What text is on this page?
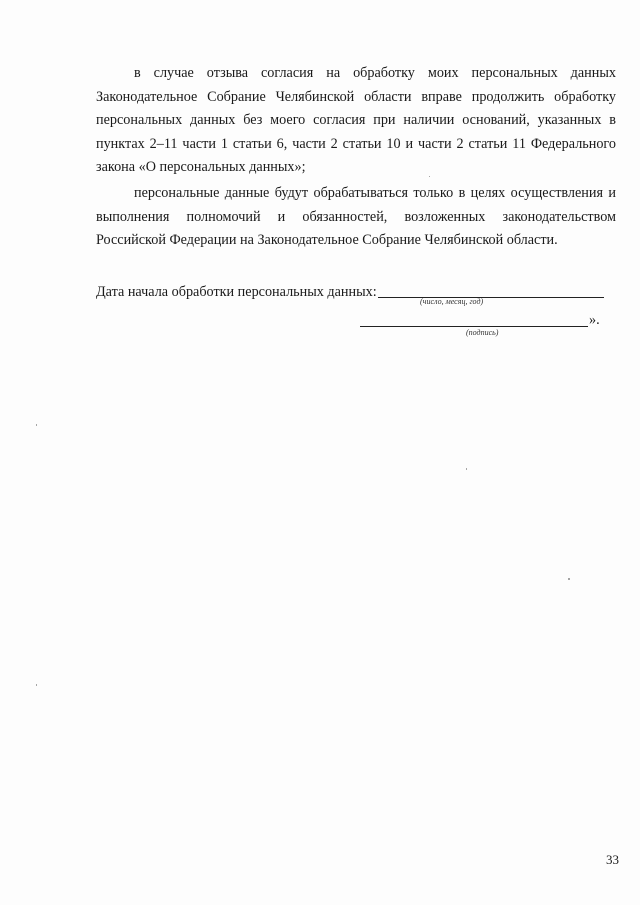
в случае отзыва согласия на обработку моих персональных данных Законодательное Собрание Челябинской области вправе продолжить обработку персональных данных без моего согласия при наличии оснований, указанных в пунктах 2–11 части 1 статьи 6, части 2 статьи 10 и части 2 статьи 11 Федерального закона «О персональных данных»;

персональные данные будут обрабатываться только в целях осуществления и выполнения полномочий и обязанностей, возложенных законодательством Российской Федерации на Законодательное Собрание Челябинской области.

Дата начала обработки персональных данных:
(число, месяц, год)
».
(подпись)
33
